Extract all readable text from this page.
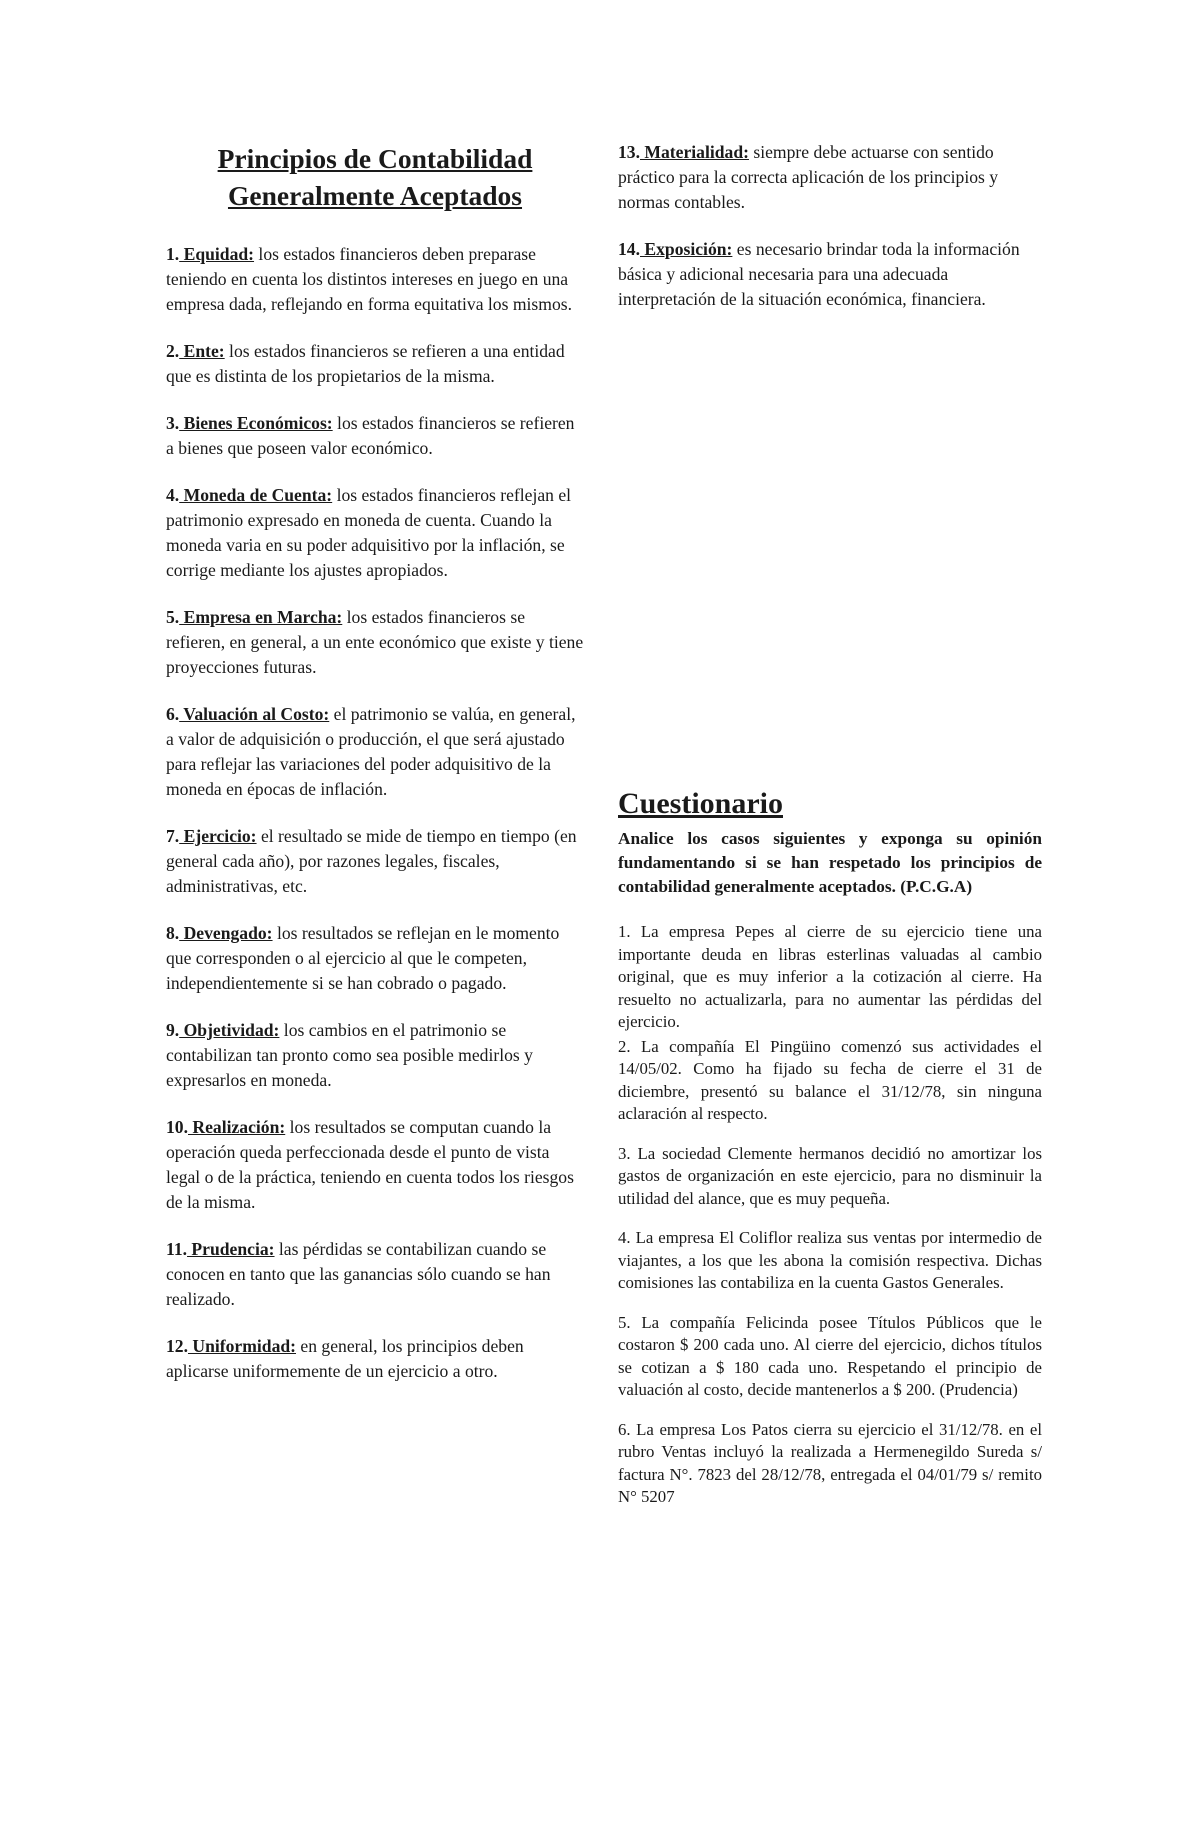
Principios de Contabilidad Generalmente Aceptados

1. Equidad: los estados financieros deben preparase teniendo en cuenta los distintos intereses en juego en una empresa dada, reflejando en forma equitativa los mismos.

2. Ente: los estados financieros se refieren a una entidad que es distinta de los propietarios de la misma.

3. Bienes Económicos: los estados financieros se refieren a bienes que poseen valor económico.

4. Moneda de Cuenta: los estados financieros reflejan el patrimonio expresado en moneda de cuenta. Cuando la moneda varia en su poder adquisitivo por la inflación, se corrige mediante los ajustes apropiados.

5. Empresa en Marcha: los estados financieros se refieren, en general, a un ente económico que existe y tiene proyecciones futuras.

6. Valuación al Costo: el patrimonio se valúa, en general, a valor de adquisición o producción, el que será ajustado para reflejar las variaciones del poder adquisitivo de la moneda en épocas de inflación.

7. Ejercicio: el resultado se mide de tiempo en tiempo (en general cada año), por razones legales, fiscales, administrativas, etc.

8. Devengado: los resultados se reflejan en le momento que corresponden o al ejercicio al que le competen, independientemente si se han cobrado o pagado.

9. Objetividad: los cambios en el patrimonio se contabilizan tan pronto como sea posible medirlos y expresarlos en moneda.

10. Realización: los resultados se computan cuando la operación queda perfeccionada desde el punto de vista legal o de la práctica, teniendo en cuenta todos los riesgos de la misma.

11. Prudencia: las pérdidas se contabilizan cuando se conocen en tanto que las ganancias sólo cuando se han realizado.

12. Uniformidad: en general, los principios deben aplicarse uniformemente de un ejercicio a otro.

13. Materialidad: siempre debe actuarse con sentido práctico para la correcta aplicación de los principios y normas contables.

14. Exposición: es necesario brindar toda la información básica y adicional necesaria para una adecuada interpretación de la situación económica, financiera.

Cuestionario
Analice los casos siguientes y exponga su opinión fundamentando si se han respetado los principios de contabilidad generalmente aceptados. (P.C.G.A)

1. La empresa Pepes al cierre de su ejercicio tiene una importante deuda en libras esterlinas valuadas al cambio original, que es muy inferior a la cotización al cierre. Ha resuelto no actualizarla, para no aumentar las pérdidas del ejercicio.

2. La compañía El Pingüino comenzó sus actividades el 14/05/02. Como ha fijado su fecha de cierre el 31 de diciembre, presentó su balance el 31/12/78, sin ninguna aclaración al respecto.

3. La sociedad Clemente hermanos decidió no amortizar los gastos de organización en este ejercicio, para no disminuir la utilidad del alance, que es muy pequeña.

4. La empresa El Coliflor realiza sus ventas por intermedio de viajantes, a los que les abona la comisión respectiva. Dichas comisiones las contabiliza en la cuenta Gastos Generales.

5. La compañía Felicinda posee Títulos Públicos que le costaron $ 200 cada uno. Al cierre del ejercicio, dichos títulos se cotizan a $ 180 cada uno. Respetando el principio de valuación al costo, decide mantenerlos a $ 200. (Prudencia)

6. La empresa Los Patos cierra su ejercicio el 31/12/78. en el rubro Ventas incluyó la realizada a Hermenegildo Sureda s/ factura N°. 7823 del 28/12/78, entregada el 04/01/79 s/ remito N° 5207
